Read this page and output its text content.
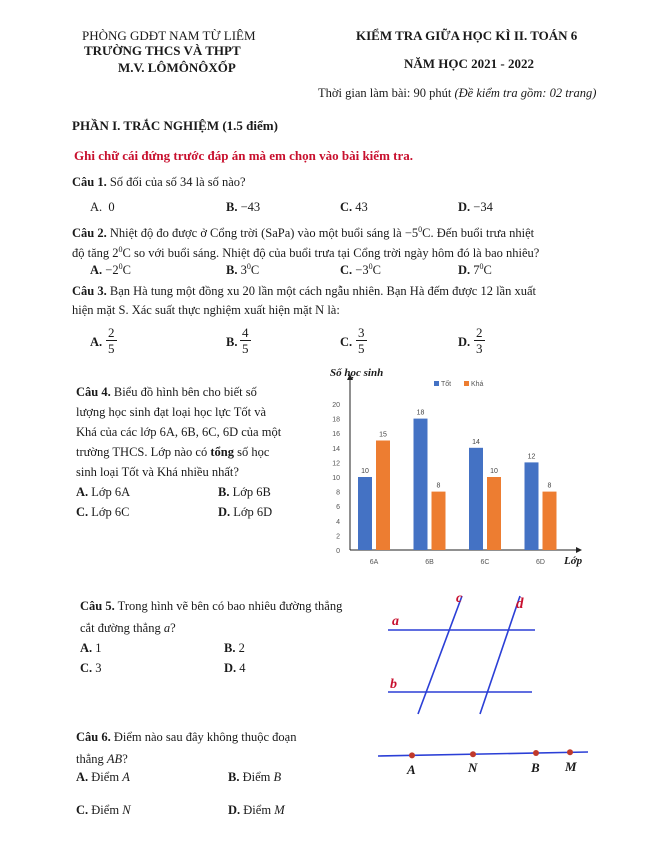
PHÒNG GDĐT NAM TỪ LIÊM
TRƯỜNG THCS VÀ THPT
M.V. LÔMÔNÔXỐP
KIỂM TRA GIỮA HỌC KÌ II. TOÁN 6
NĂM HỌC 2021 - 2022
Thời gian làm bài: 90 phút (Đề kiểm tra gồm: 02 trang)
PHẦN I. TRẮC NGHIỆM (1.5 điểm)
Ghi chữ cái đứng trước đáp án mà em chọn vào bài kiểm tra.
Câu 1. Số đối của số 34 là số nào?
A. 0	B. −43	C. 43	D. −34
Câu 2. Nhiệt độ đo được ở Cổng trời (SaPa) vào một buổi sáng là $-5^0C$. Đến buổi trưa nhiệt
độ tăng $2^0C$ so với buổi sáng. Nhiệt độ của buổi trưa tại Cổng trời ngày hôm đó là bao nhiêu?
A. $-2^0C$	B. $3^0C$	C. $-3^0C$	D. $7^0C$
Câu 3. Bạn Hà tung một đồng xu 20 lần một cách ngẫu nhiên. Bạn Hà đếm được 12 lần xuất
hiện mặt S. Xác suất thực nghiệm xuất hiện mặt N là:
A. $\frac{2}{5}$	B. $\frac{4}{5}$	C. $\frac{3}{5}$	D. $\frac{2}{3}$
Câu 4. Biểu đồ hình bên cho biết số
lượng học sinh đạt loại học lực Tốt và
Khá của các lớp 6A, 6B, 6C, 6D của một
trường THCS. Lớp nào có tổng số học
sinh loại Tốt và Khá nhiều nhất?
A. Lớp 6A	B. Lớp 6B
C. Lớp 6C	D. Lớp 6D
0
2
4
6
8
10
12
14
16
18
20
Số học sinh
Lớp
Tốt	Khá
10
15
6A
18
8
6B
14
10
6C
12
8
6D
Câu 5. Trong hình vẽ bên có bao nhiêu đường thẳng
cắt đường thẳng a?
A. 1	B. 2
C. 3	D. 4
a
b
c	d
Câu 6. Điểm nào sau đây không thuộc đoạn
thẳng AB?
A. Điểm A	B. Điểm B
C. Điểm N	D. Điểm M
A	N	B M
